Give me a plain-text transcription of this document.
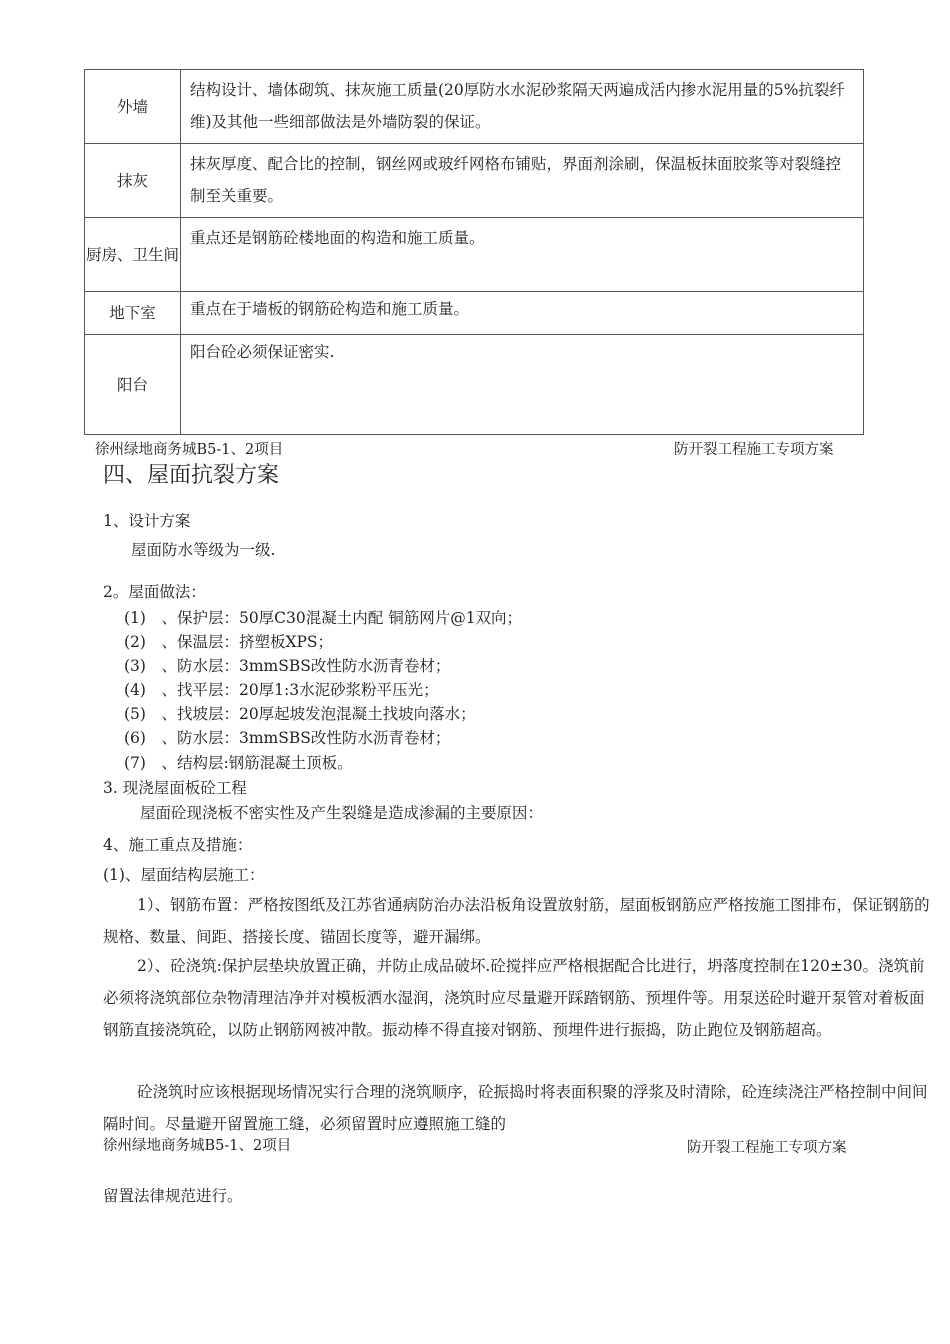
外墙	结构设计、墙体砌筑、抹灰施工质量(20厚防水水泥砂浆隔天两遍成活内掺水泥用量的5%抗裂纤维)及其他一些细部做法是外墙防裂的保证。
抹灰	抹灰厚度、配合比的控制，钢丝网或玻纤网格布铺贴，界面剂涂刷，保温板抹面胶浆等对裂缝控制至关重要。
厨房、卫生间	重点还是钢筋砼楼地面的构造和施工质量。
地下室	重点在于墙板的钢筋砼构造和施工质量。
阳台	阳台砼必须保证密实.
徐州绿地商务城B5-1、2项目	防开裂工程施工专项方案
四、屋面抗裂方案
1、设计方案
屋面防水等级为一级.
2。屋面做法：
(1)　、保护层：50厚C30混凝土内配 铜筋网片@1双向；
(2)　、保温层：挤塑板XPS；
(3)　、防水层：3mmSBS改性防水沥青卷材；
(4)　、找平层：20厚1:3水泥砂浆粉平压光；
(5)　、找坡层：20厚起坡发泡混凝土找坡向落水；
(6)　、防水层：3mmSBS改性防水沥青卷材；
(7)　、结构层:钢筋混凝土顶板。
3. 现浇屋面板砼工程
屋面砼现浇板不密实性及产生裂缝是造成渗漏的主要原因：
4、施工重点及措施：
(1)、屋面结构层施工：
1）、钢筋布置：严格按图纸及江苏省通病防治办法沿板角设置放射筋，屋面板钢筋应严格按施工图排布，保证钢筋的规格、数量、间距、搭接长度、锚固长度等，避开漏绑。
2）、砼浇筑:保护层垫块放置正确，并防止成品破坏.砼搅拌应严格根据配合比进行，坍落度控制在120±30。浇筑前必须将浇筑部位杂物清理洁净并对模板洒水湿润，浇筑时应尽量避开踩踏钢筋、预埋件等。用泵送砼时避开泵管对着板面钢筋直接浇筑砼，以防止钢筋网被冲散。振动棒不得直接对钢筋、预埋件进行振捣，防止跑位及钢筋超高。
砼浇筑时应该根据现场情况实行合理的浇筑顺序，砼振捣时将表面积聚的浮浆及时清除，砼连续浇注严格控制中间间隔时间。尽量避开留置施工缝，必须留置时应遵照施工缝的
徐州绿地商务城B5-1、2项目	防开裂工程施工专项方案
留置法律规范进行。
